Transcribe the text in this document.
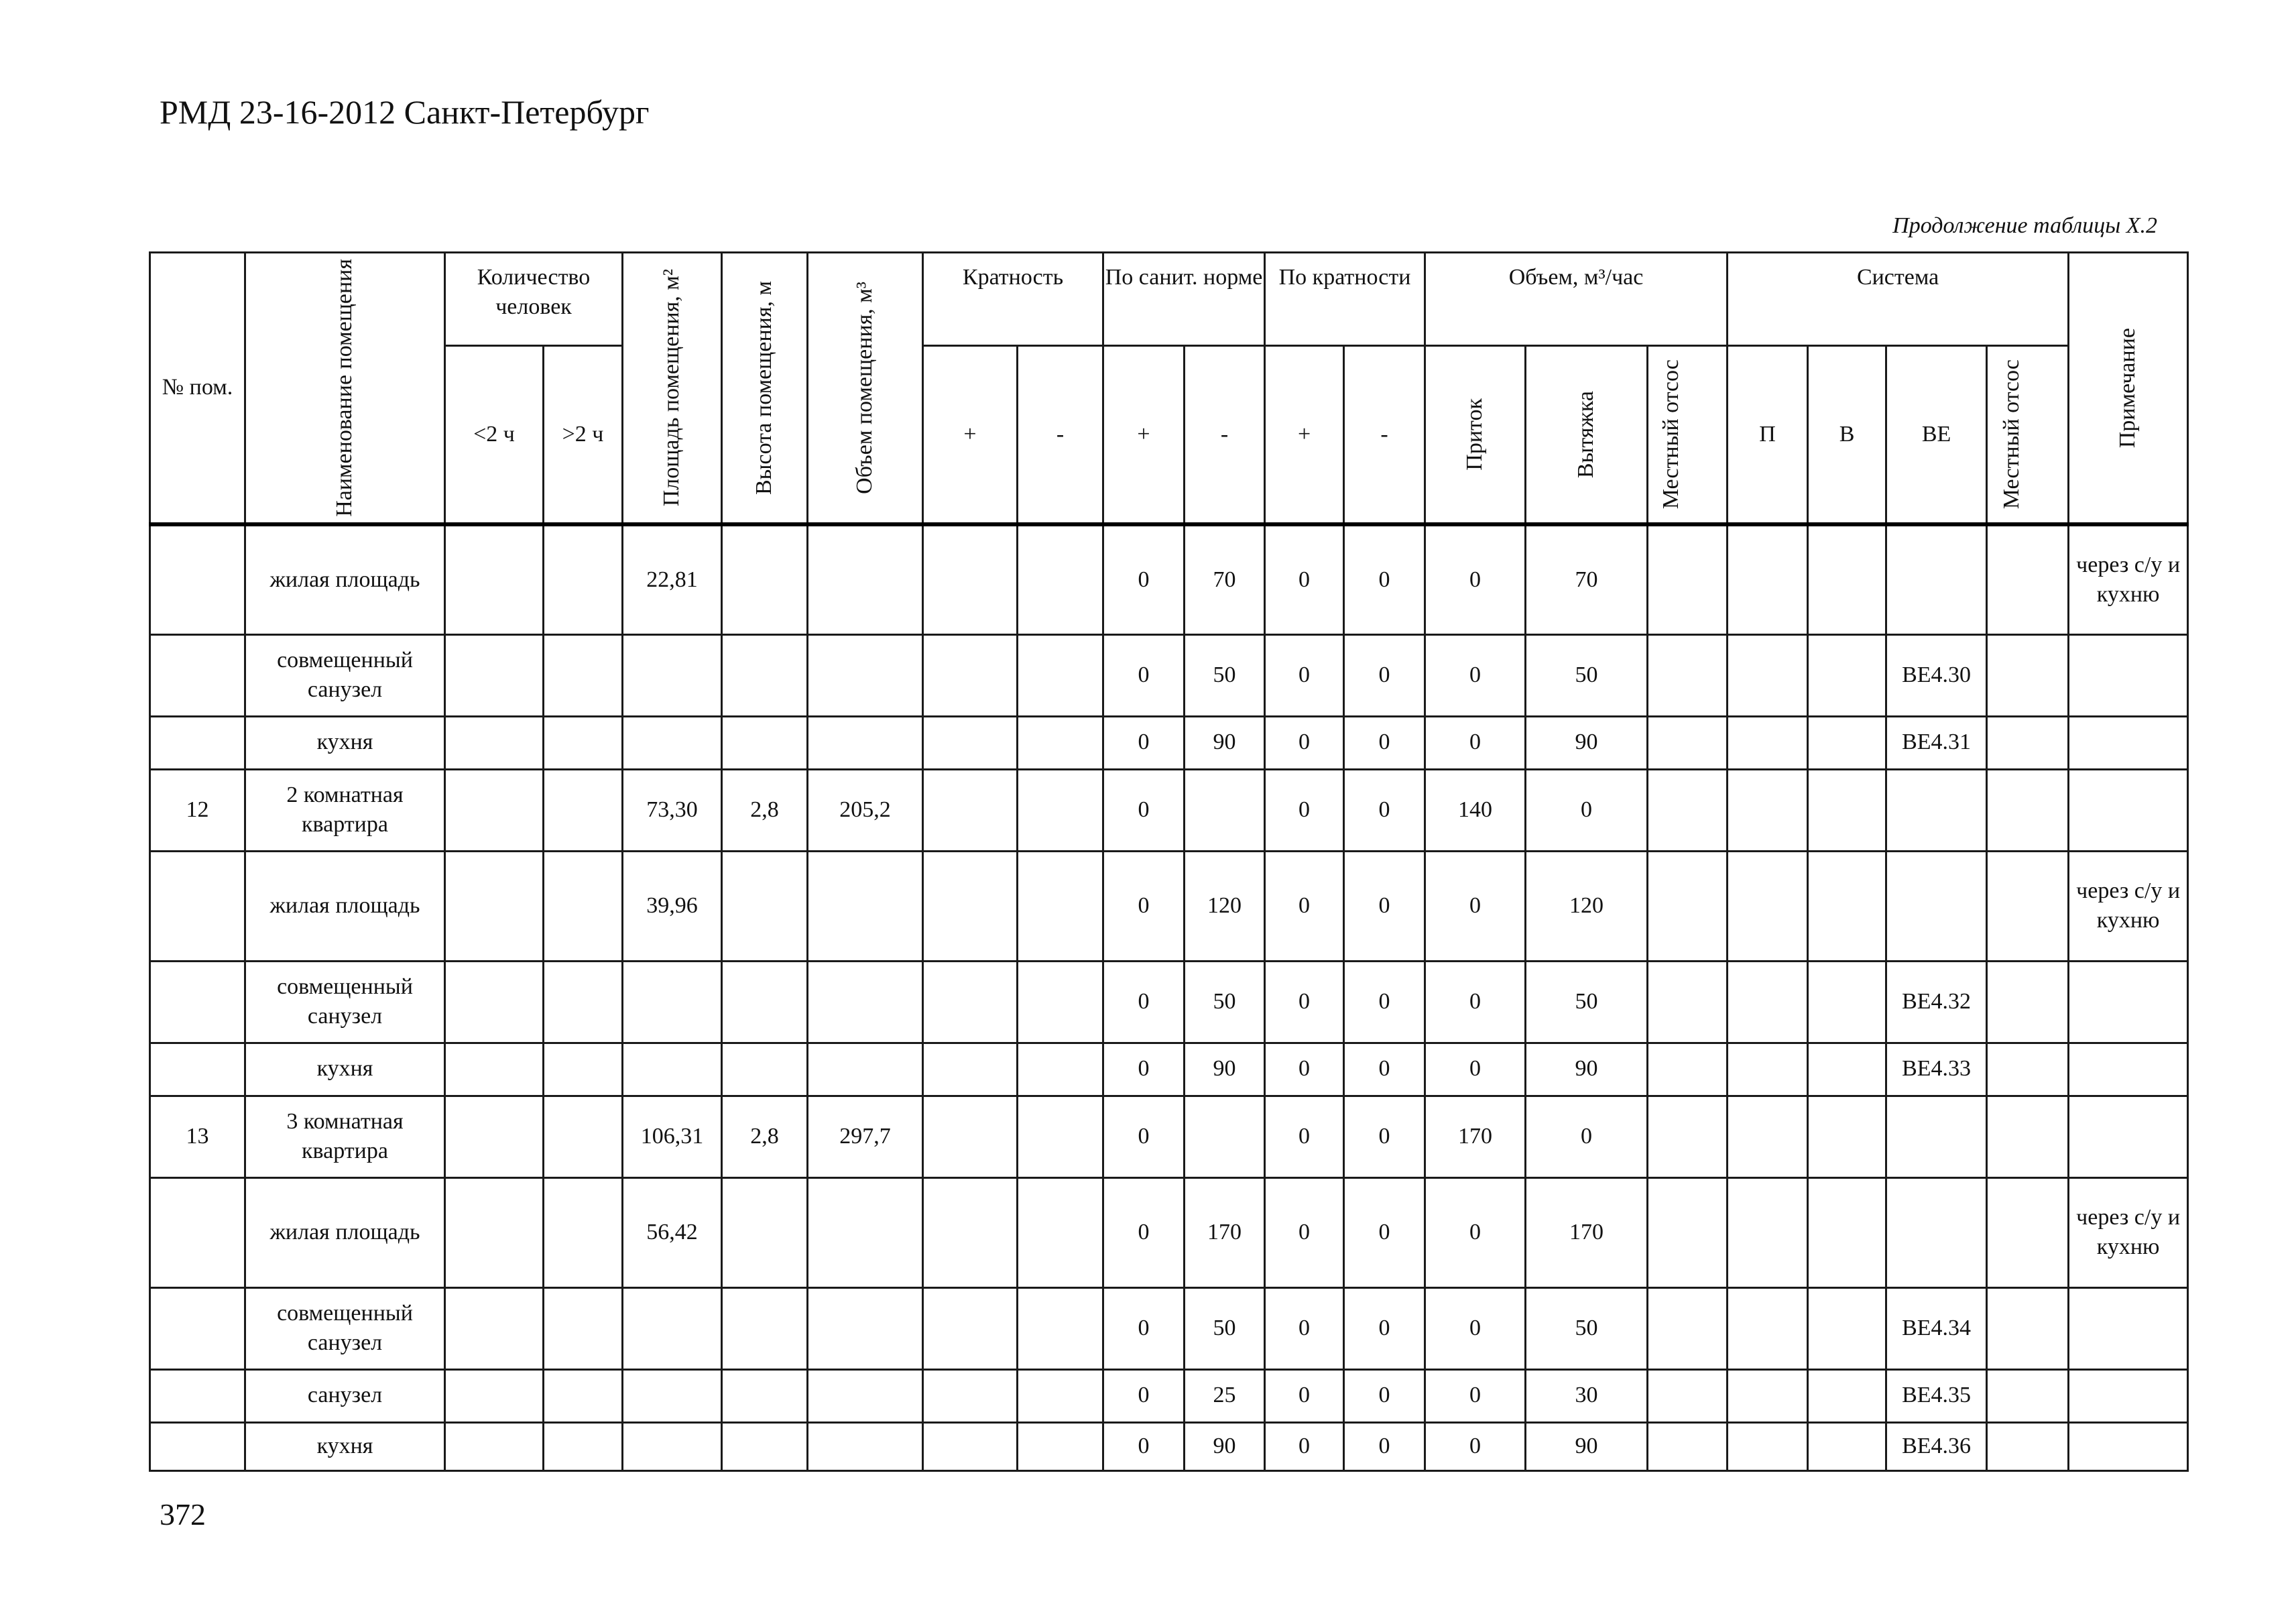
РМД 23-16-2012 Санкт-Петербург
Продолжение таблицы Х.2
№ пом.	Наименование помещения	Количество человек		Площадь помещения, м²	Высота помещения, м	Объем помещения, м³	Кратность		По санит. норме		По кратности		Объем, м³/час			Система				Примечание

		<2 ч	>2 ч				+	-	+	-	+	-	Приток	Вытяжка	Местный отсос	П	В	ВЕ	Местный отсос	

	жилая площадь			22,81					0	70	0	0	0	70						через с/у и кухню
	совмещенный санузел								0	50	0	0	0	50				ВЕ4.30		
	кухня								0	90	0	0	0	90				ВЕ4.31		
12	2 комнатная квартира			73,30	2,8	205,2			0		0	0	140	0						
	жилая площадь			39,96					0	120	0	0	0	120						через с/у и кухню
	совмещенный санузел								0	50	0	0	0	50				ВЕ4.32		
	кухня								0	90	0	0	0	90				ВЕ4.33		
13	3 комнатная квартира			106,31	2,8	297,7			0		0	0	170	0						
	жилая площадь			56,42					0	170	0	0	0	170						через с/у и кухню
	совмещенный санузел								0	50	0	0	0	50				ВЕ4.34		
	санузел								0	25	0	0	0	30				ВЕ4.35		
	кухня								0	90	0	0	0	90				ВЕ4.36		
372
